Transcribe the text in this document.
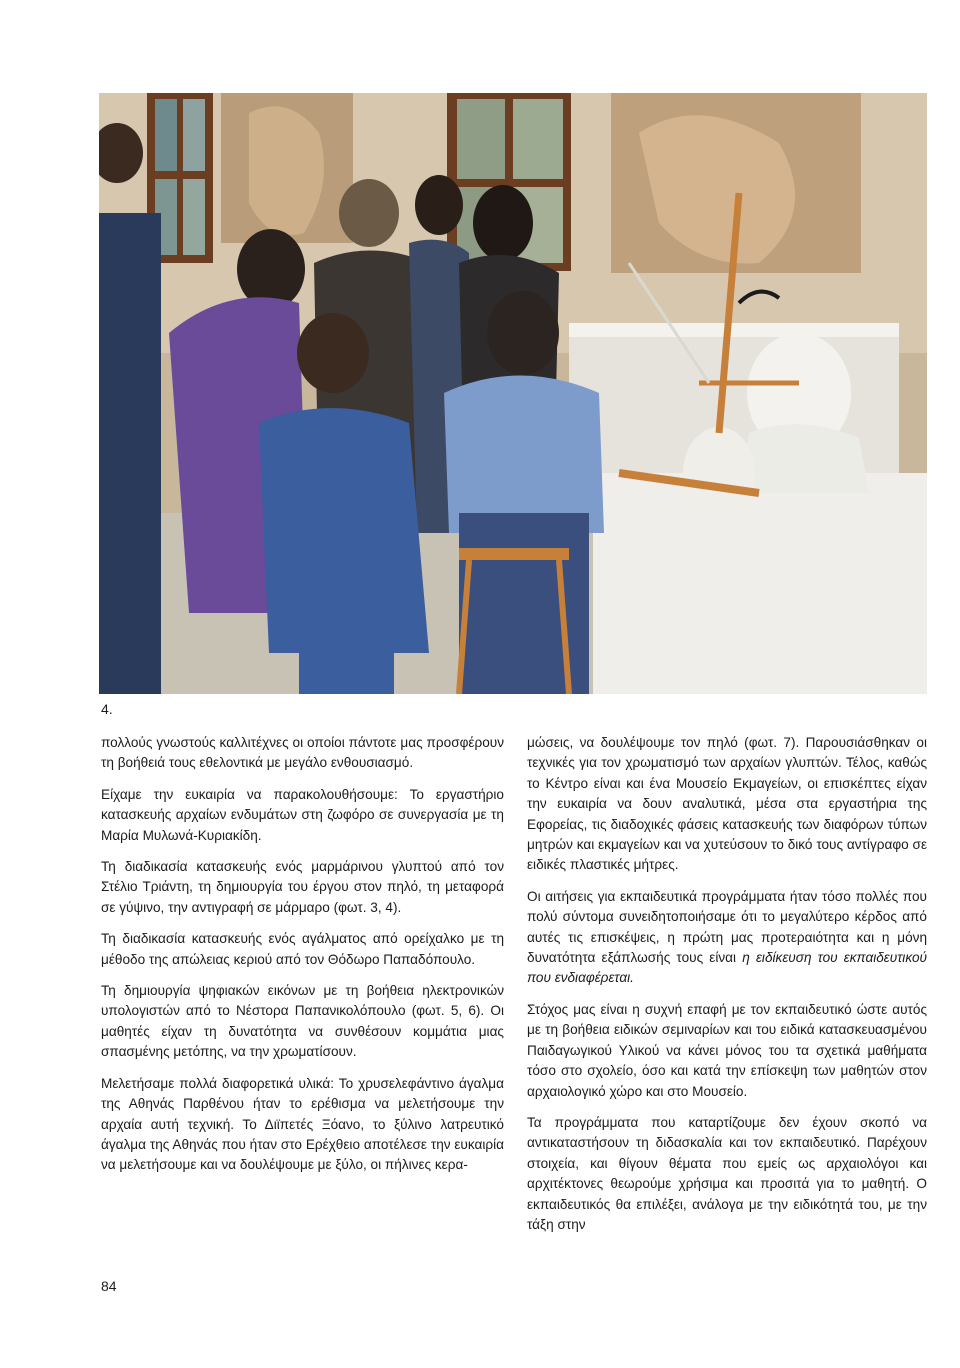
4.

πολλούς γνωστούς καλλιτέχνες οι οποίοι πάντοτε μας προσφέρουν τη βοήθειά τους εθελοντικά με μεγάλο ενθουσιασμό.

Είχαμε την ευκαιρία να παρακολουθήσουμε: Το εργαστήριο κατασκευής αρχαίων ενδυμάτων στη ζωφόρο σε συνεργασία με τη Μαρία Μυλωνά-Κυριακίδη.

Τη διαδικασία κατασκευής ενός μαρμάρινου γλυπτού από τον Στέλιο Τριάντη, τη δημιουργία του έργου στον πηλό, τη μεταφορά σε γύψινο, την αντιγραφή σε μάρμαρο (φωτ. 3, 4).

Τη διαδικασία κατασκευής ενός αγάλματος από ορείχαλκο με τη μέθοδο της απώλειας κεριού από τον Θόδωρο Παπαδόπουλο.

Τη δημιουργία ψηφιακών εικόνων με τη βοήθεια ηλεκτρονικών υπολογιστών από το Νέστορα Παπανικολόπουλο (φωτ. 5, 6). Οι μαθητές είχαν τη δυνατότητα να συνθέσουν κομμάτια μιας σπασμένης μετόπης, να την χρωματίσουν.

Μελετήσαμε πολλά διαφορετικά υλικά: Το χρυσελεφάντινο άγαλμα της Αθηνάς Παρθένου ήταν το ερέθισμα να μελετήσουμε την αρχαία αυτή τεχνική. Το Διϊπετές Ξόανο, το ξύλινο λατρευτικό άγαλμα της Αθηνάς που ήταν στο Ερέχθειο αποτέλεσε την ευκαιρία να μελετήσουμε και να δουλέψουμε με ξύλο, οι πήλινες κερα-

μώσεις, να δουλέψουμε τον πηλό (φωτ. 7). Παρουσιάσθηκαν οι τεχνικές για τον χρωματισμό των αρχαίων γλυπτών. Τέλος, καθώς το Κέντρο είναι και ένα Μουσείο Εκμαγείων, οι επισκέπτες είχαν την ευκαιρία να δουν αναλυτικά, μέσα στα εργαστήρια της Εφορείας, τις διαδοχικές φάσεις κατασκευής των διαφόρων τύπων μητρών και εκμαγείων και να χυτεύσουν το δικό τους αντίγραφο σε ειδικές πλαστικές μήτρες.

Οι αιτήσεις για εκπαιδευτικά προγράμματα ήταν τόσο πολλές που πολύ σύντομα συνειδητοποιήσαμε ότι το μεγαλύτερο κέρδος από αυτές τις επισκέψεις, η πρώτη μας προτεραιότητα και η μόνη δυνατότητα εξάπλωσής τους είναι η ειδίκευση του εκπαιδευτικού που ενδιαφέρεται.

Στόχος μας είναι η συχνή επαφή με τον εκπαιδευτικό ώστε αυτός με τη βοήθεια ειδικών σεμιναρίων και του ειδικά κατασκευασμένου Παιδαγωγικού Υλικού να κάνει μόνος του τα σχετικά μαθήματα τόσο στο σχολείο, όσο και κατά την επίσκεψη των μαθητών στον αρχαιολογικό χώρο και στο Μουσείο.

Τα προγράμματα που καταρτίζουμε δεν έχουν σκοπό να αντικαταστήσουν τη διδασκαλία και τον εκπαιδευτικό. Παρέχουν στοιχεία, και θίγουν θέματα που εμείς ως αρχαιολόγοι και αρχιτέκτονες θεωρούμε χρήσιμα και προσιτά για το μαθητή. Ο εκπαιδευτικός θα επιλέξει, ανάλογα με την ειδικότητά του, με την τάξη στην

84
